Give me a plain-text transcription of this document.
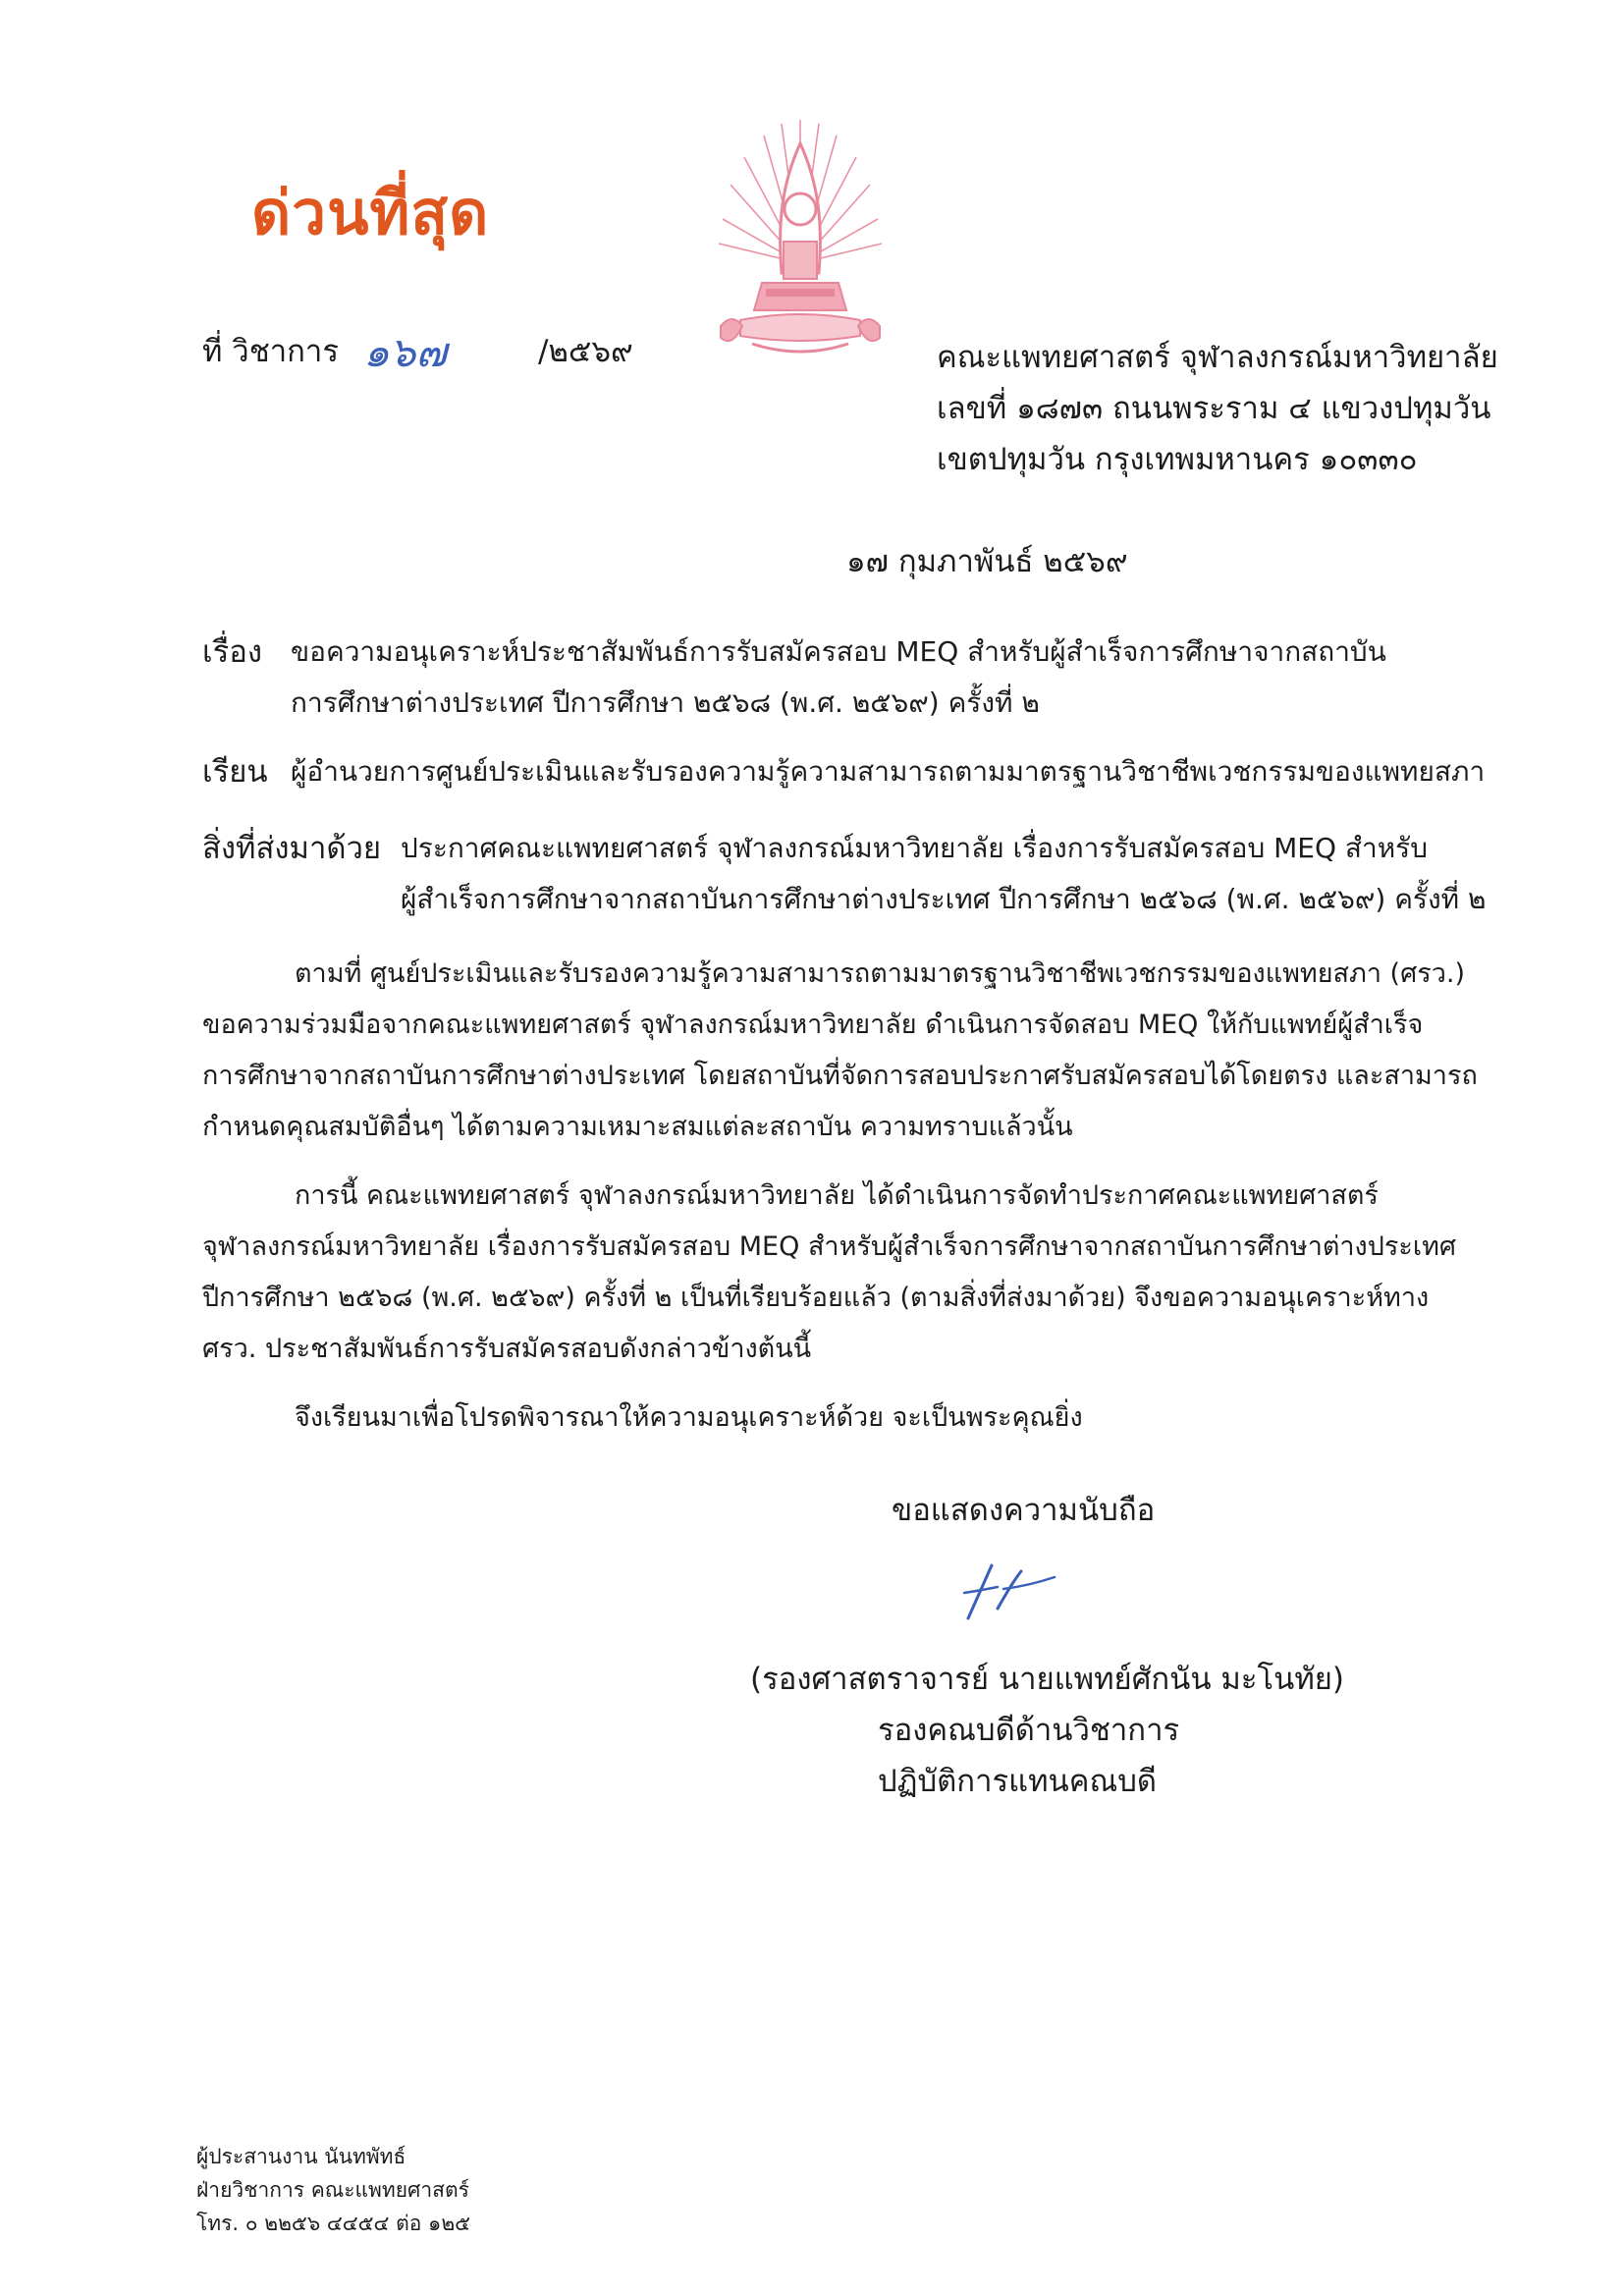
ด่วนที่สุด
ที่ วิชาการ ๑๖๗	/๒๕๖๙	คณะแพทยศาสตร์ จุฬาลงกรณ์มหาวิทยาลัย
เลขที่ ๑๘๗๓ ถนนพระราม ๔ แขวงปทุมวัน
เขตปทุมวัน กรุงเทพมหานคร ๑๐๓๓๐
๑๗ กุมภาพันธ์ ๒๕๖๙
เรื่อง ขอความอนุเคราะห์ประชาสัมพันธ์การรับสมัครสอบ MEQ สำหรับผู้สำเร็จการศึกษาจากสถาบัน
การศึกษาต่างประเทศ ปีการศึกษา ๒๕๖๘ (พ.ศ. ๒๕๖๙) ครั้งที่ ๒
เรียน ผู้อำนวยการศูนย์ประเมินและรับรองความรู้ความสามารถตามมาตรฐานวิชาชีพเวชกรรมของแพทยสภา
สิ่งที่ส่งมาด้วย ประกาศคณะแพทยศาสตร์ จุฬาลงกรณ์มหาวิทยาลัย เรื่องการรับสมัครสอบ MEQ สำหรับ
ผู้สำเร็จการศึกษาจากสถาบันการศึกษาต่างประเทศ ปีการศึกษา ๒๕๖๘ (พ.ศ. ๒๕๖๙) ครั้งที่ ๒
ตามที่ ศูนย์ประเมินและรับรองความรู้ความสามารถตามมาตรฐานวิชาชีพเวชกรรมของแพทยสภา (ศรว.)
ขอความร่วมมือจากคณะแพทยศาสตร์ จุฬาลงกรณ์มหาวิทยาลัย ดำเนินการจัดสอบ MEQ ให้กับแพทย์ผู้สำเร็จ
การศึกษาจากสถาบันการศึกษาต่างประเทศ โดยสถาบันที่จัดการสอบประกาศรับสมัครสอบได้โดยตรง และสามารถ
กำหนดคุณสมบัติอื่นๆ ได้ตามความเหมาะสมแต่ละสถาบัน ความทราบแล้วนั้น
การนี้ คณะแพทยศาสตร์ จุฬาลงกรณ์มหาวิทยาลัย ได้ดำเนินการจัดทำประกาศคณะแพทยศาสตร์
จุฬาลงกรณ์มหาวิทยาลัย เรื่องการรับสมัครสอบ MEQ สำหรับผู้สำเร็จการศึกษาจากสถาบันการศึกษาต่างประเทศ
ปีการศึกษา ๒๕๖๘ (พ.ศ. ๒๕๖๙) ครั้งที่ ๒ เป็นที่เรียบร้อยแล้ว (ตามสิ่งที่ส่งมาด้วย) จึงขอความอนุเคราะห์ทาง
ศรว. ประชาสัมพันธ์การรับสมัครสอบดังกล่าวข้างต้นนี้
จึงเรียนมาเพื่อโปรดพิจารณาให้ความอนุเคราะห์ด้วย จะเป็นพระคุณยิ่ง
ขอแสดงความนับถือ
(รองศาสตราจารย์ นายแพทย์ศักนัน มะโนทัย)
รองคณบดีด้านวิชาการ
ปฏิบัติการแทนคณบดี
ผู้ประสานงาน นันทพัทธ์
ฝ่ายวิชาการ คณะแพทยศาสตร์
โทร. ๐ ๒๒๕๖ ๔๔๕๔ ต่อ ๑๒๕
